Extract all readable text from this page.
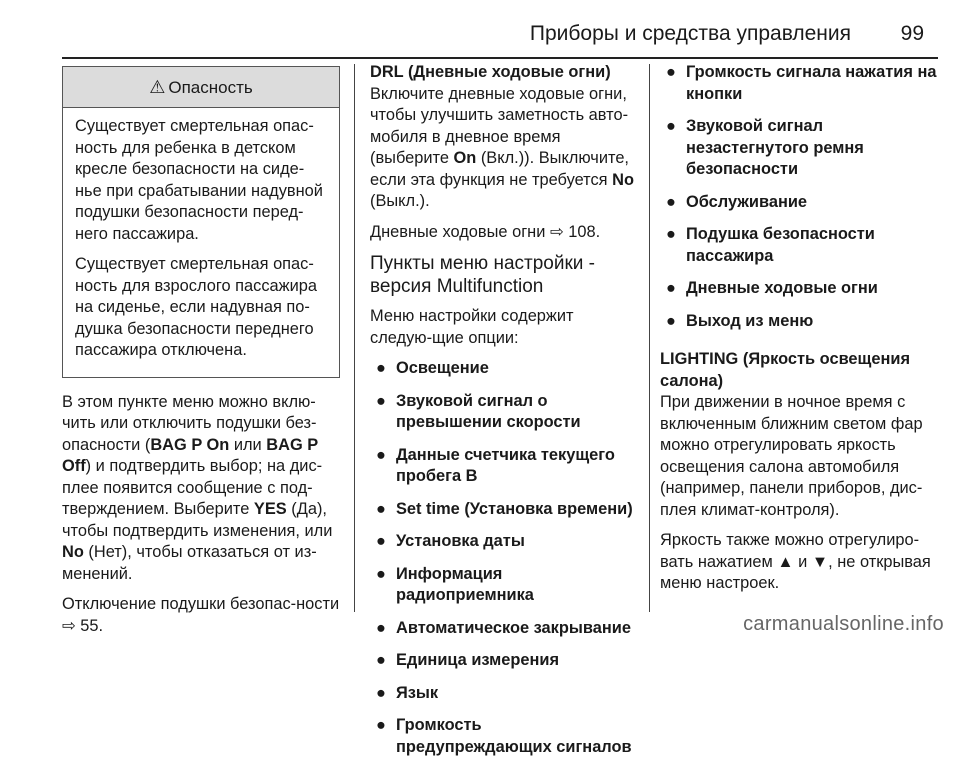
Приборы и средства управления 99
⚠ Опасность

Существует смертельная опас-ность для ребенка в детском кресле безопасности на сиде-нье при срабатывании надувной подушки безопасности перед-него пассажира.

Существует смертельная опас-ность для взрослого пассажира на сиденье, если надувная по-душка безопасности переднего пассажира отключена.

В этом пункте меню можно вклю-чить или отключить подушки без-опасности (BAG P On или BAG P Off) и подтвердить выбор; на дис-плее появится сообщение с под-тверждением. Выберите YES (Да), чтобы подтвердить изменения, или No (Нет), чтобы отказаться от из-менений.

Отключение подушки безопас-ности ⇨ 55.

DRL (Дневные ходовые огни)

Включите дневные ходовые огни, чтобы улучшить заметность авто-мобиля в дневное время (выберите On (Вкл.)). Выключите, если эта функция не требуется No (Выкл.).

Дневные ходовые огни ⇨ 108.

Пункты меню настройки - версия Multifunction

Меню настройки содержит следую-щие опции:

● Освещение
● Звуковой сигнал о превышении скорости
● Данные счетчика текущего пробега B
● Set time (Установка времени)
● Установка даты
● Информация радиоприемника
● Автоматическое закрывание
● Единица измерения
● Язык
● Громкость предупреждающих сигналов
● Громкость сигнала нажатия на кнопки
● Звуковой сигнал незастегнутого ремня безопасности
● Обслуживание
● Подушка безопасности пассажира
● Дневные ходовые огни
● Выход из меню

LIGHTING (Яркость освещения салона)

При движении в ночное время с включенным ближним светом фар можно отрегулировать яркость освещения салона автомобиля (например, панели приборов, дис-плея климат-контроля).

Яркость также можно отрегулиро-вать нажатием ▲ и ▼, не открывая меню настроек.

carmanualsonline.info
